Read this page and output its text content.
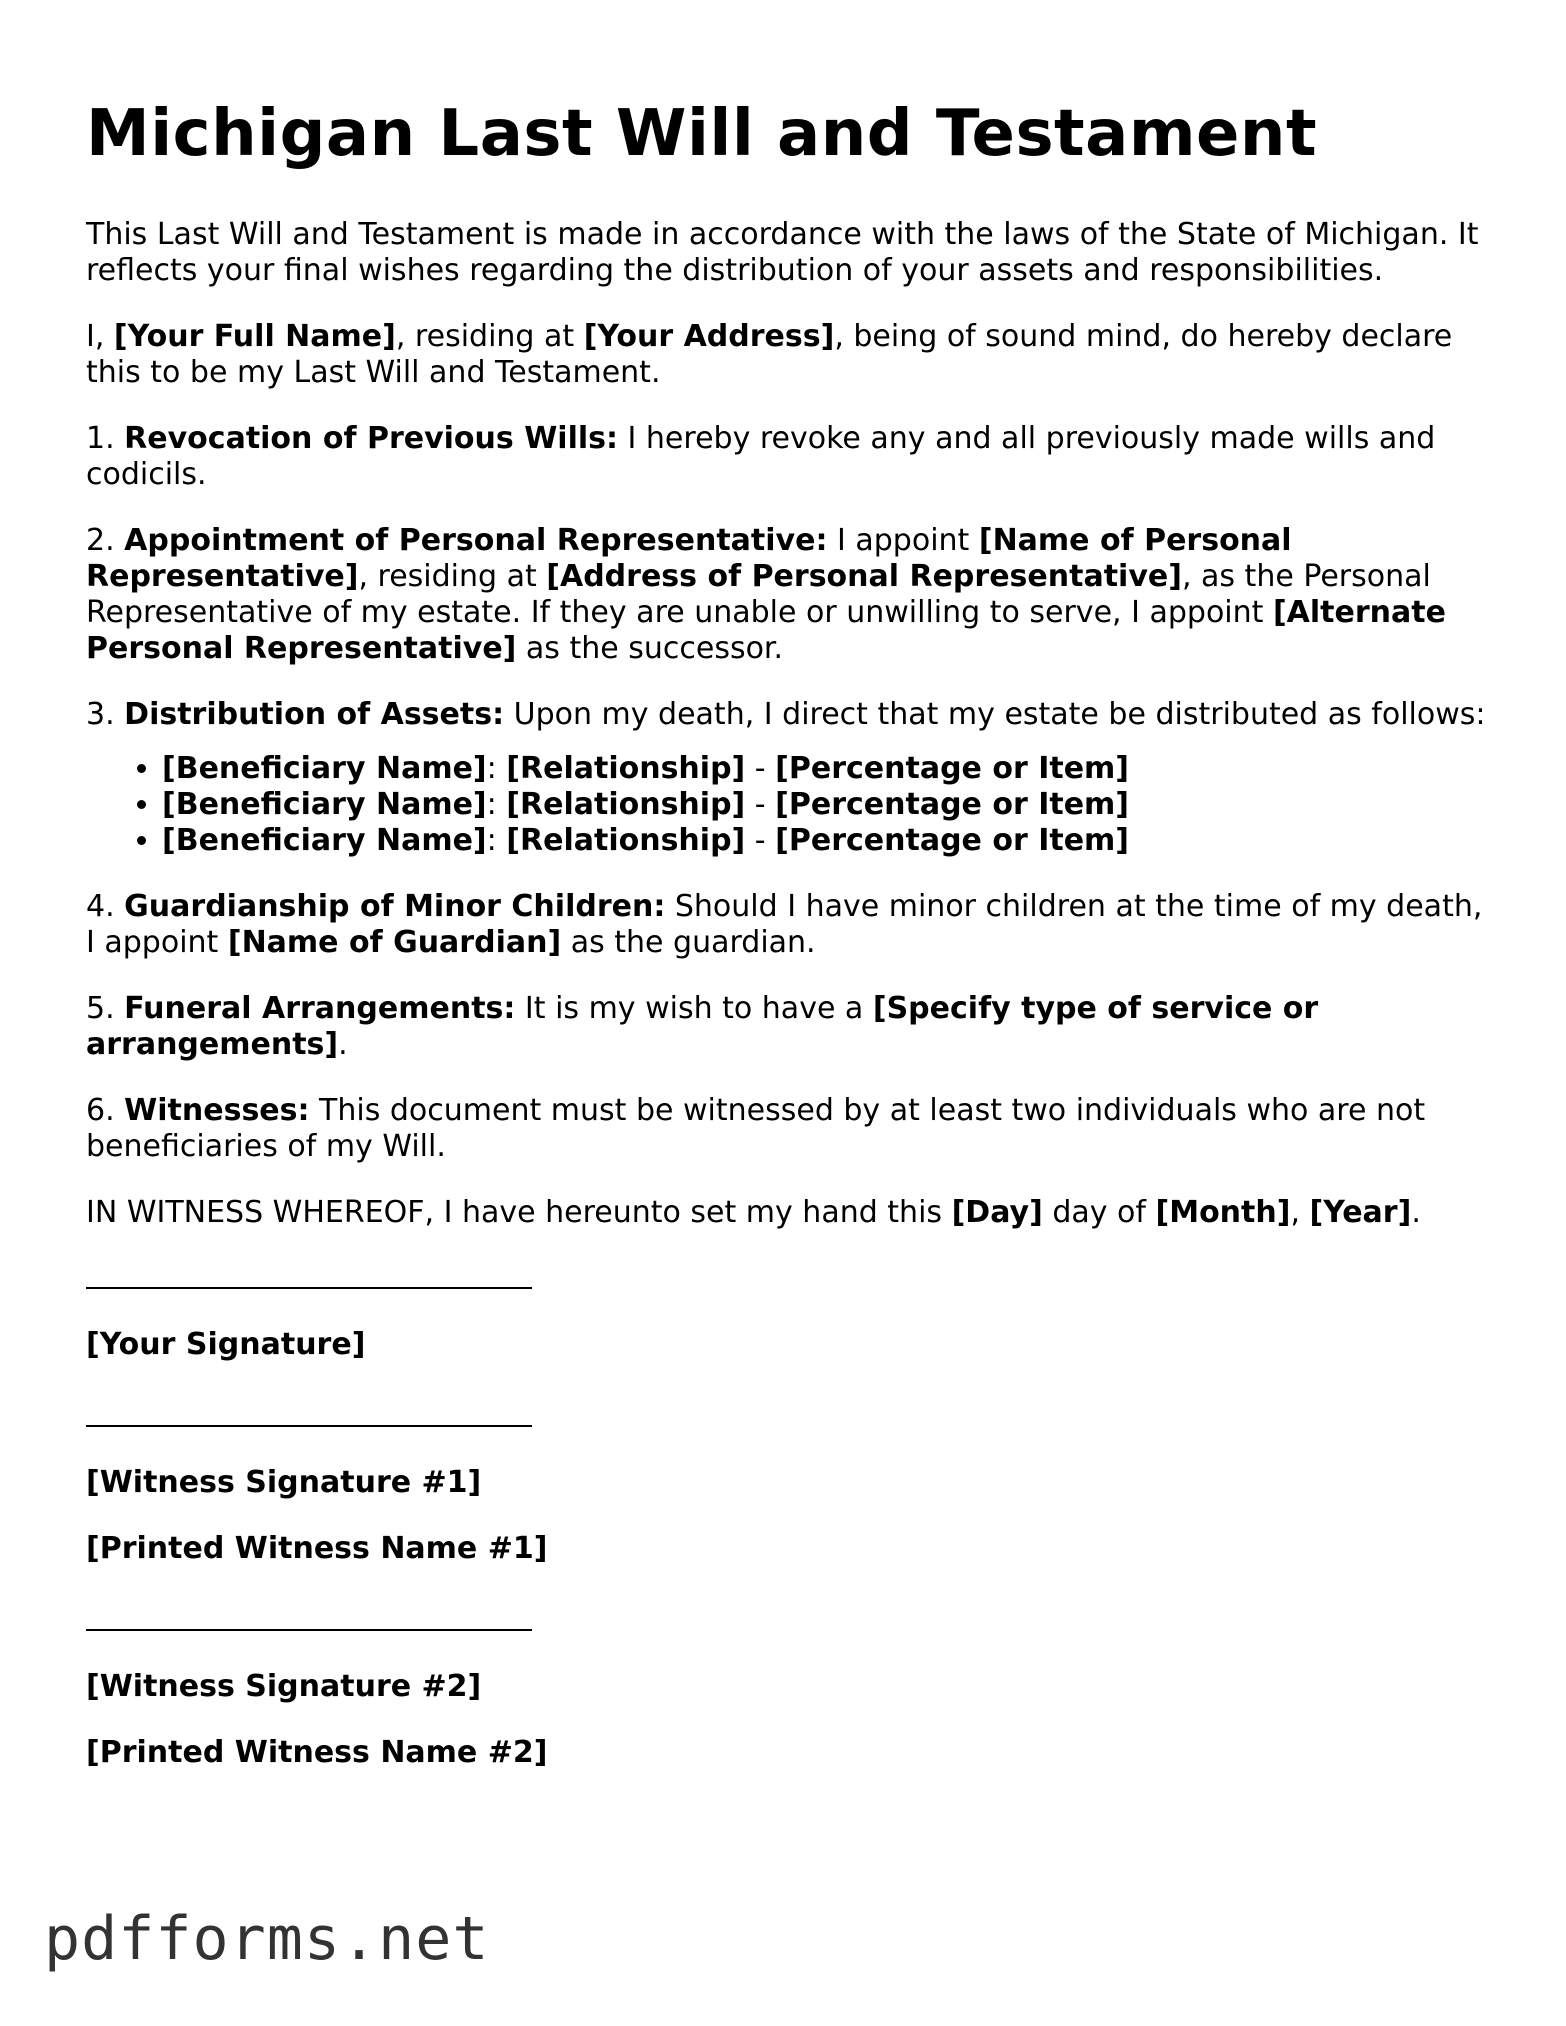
Michigan Last Will and Testament

This Last Will and Testament is made in accordance with the laws of the State of Michigan. It reflects your final wishes regarding the distribution of your assets and responsibilities.

I, [Your Full Name], residing at [Your Address], being of sound mind, do hereby declare this to be my Last Will and Testament.

1. Revocation of Previous Wills: I hereby revoke any and all previously made wills and codicils.

2. Appointment of Personal Representative: I appoint [Name of Personal Representative], residing at [Address of Personal Representative], as the Personal Representative of my estate. If they are unable or unwilling to serve, I appoint [Alternate Personal Representative] as the successor.

3. Distribution of Assets: Upon my death, I direct that my estate be distributed as follows:

• [Beneficiary Name]: [Relationship] - [Percentage or Item]
• [Beneficiary Name]: [Relationship] - [Percentage or Item]
• [Beneficiary Name]: [Relationship] - [Percentage or Item]

4. Guardianship of Minor Children: Should I have minor children at the time of my death, I appoint [Name of Guardian] as the guardian.

5. Funeral Arrangements: It is my wish to have a [Specify type of service or arrangements].

6. Witnesses: This document must be witnessed by at least two individuals who are not beneficiaries of my Will.

IN WITNESS WHEREOF, I have hereunto set my hand this [Day] day of [Month], [Year].

[Your Signature]
[Witness Signature #1]
[Printed Witness Name #1]
[Witness Signature #2]
[Printed Witness Name #2]
pdfforms.net
